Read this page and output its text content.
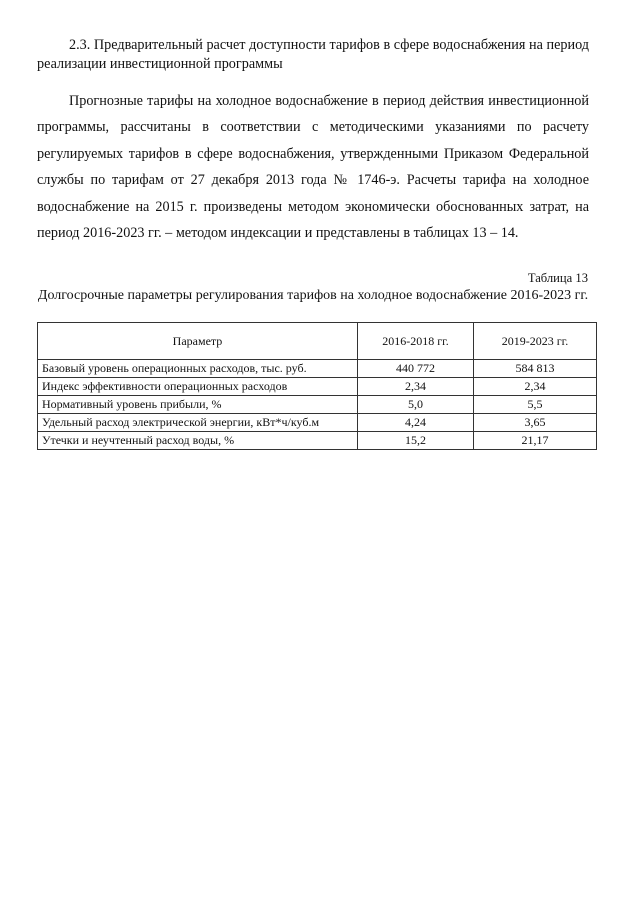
2.3. Предварительный расчет доступности тарифов в сфере водоснабжения на период реализации инвестиционной программы

Прогнозные тарифы на холодное водоснабжение в период действия инвестиционной программы, рассчитаны в соответствии с методическими указаниями по расчету регулируемых тарифов в сфере водоснабжения, утвержденными Приказом Федеральной службы по тарифам от 27 декабря 2013 года № 1746-э. Расчеты тарифа на холодное водоснабжение на 2015 г. произведены методом экономически обоснованных затрат, на период 2016-2023 гг. – методом индексации и представлены в таблицах 13 – 14.

Таблица 13

Долгосрочные параметры регулирования тарифов на холодное водоснабжение 2016-2023 гг.

Параметр	2016-2018 гг.	2019-2023 гг.
Базовый уровень операционных расходов, тыс. руб.	440 772	584 813
Индекс эффективности операционных расходов	2,34	2,34
Нормативный уровень прибыли, %	5,0	5,5
Удельный расход электрической энергии, кВт*ч/куб.м	4,24	3,65
Утечки и неучтенный расход воды, %	15,2	21,17
